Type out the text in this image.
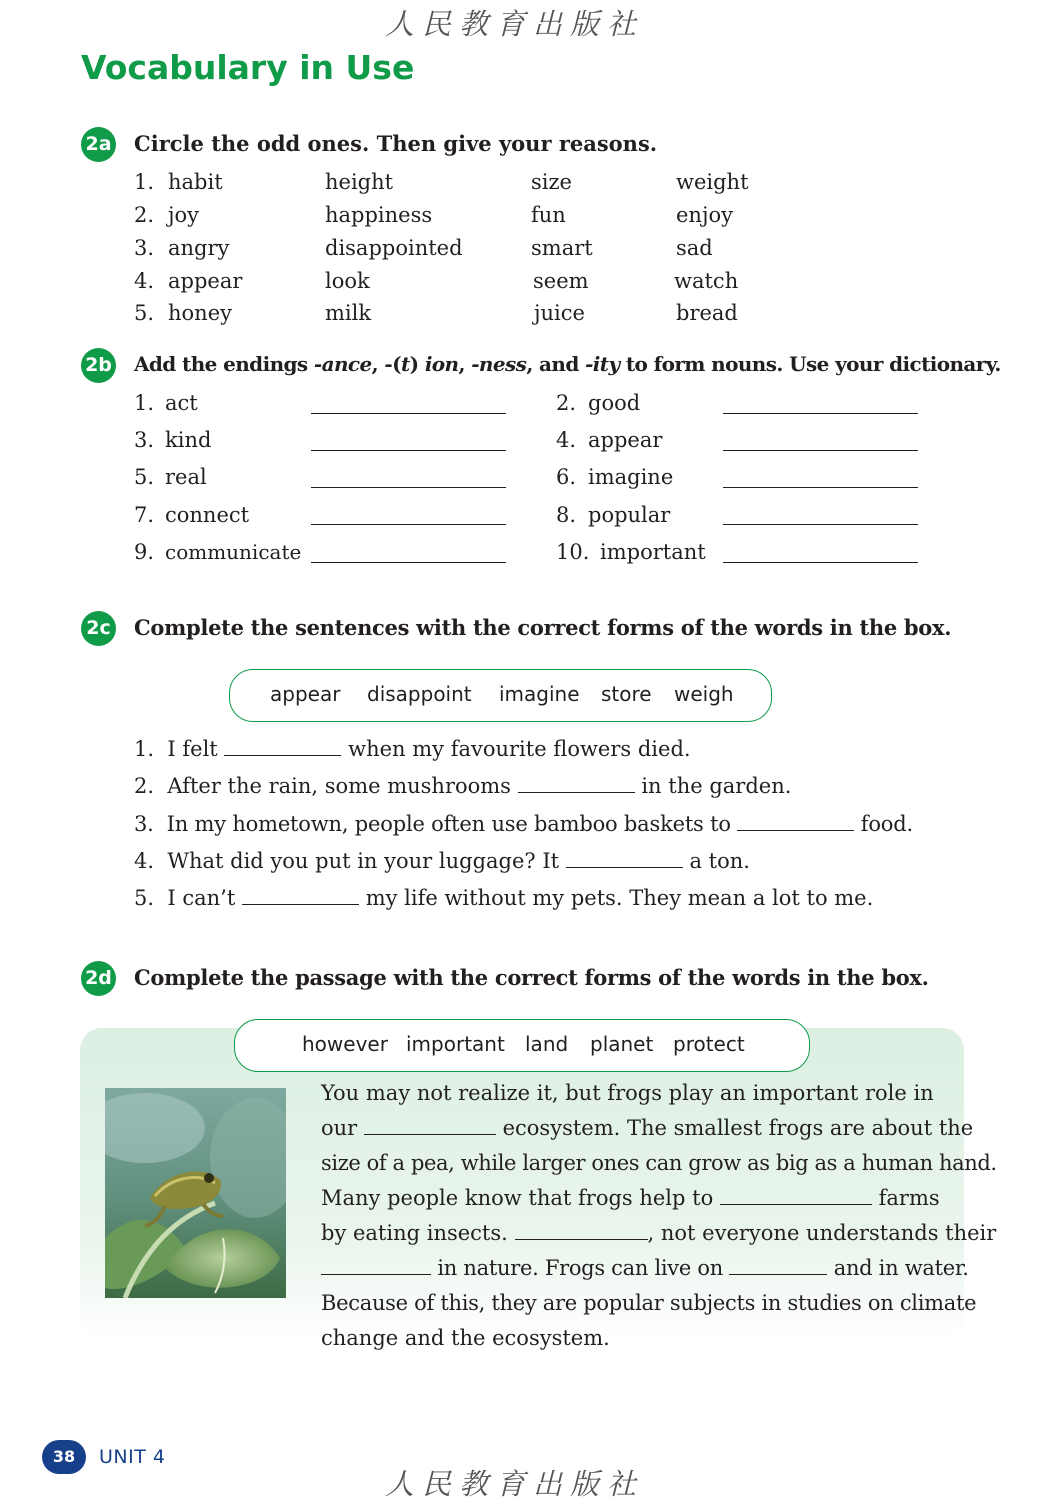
人民教育出版社
Vocabulary in Use
2a Circle the odd ones. Then give your reasons.
1. habit	height	size	weight
2. joy	happiness	fun	enjoy
3. angry	disappointed	smart	sad
4. appear	look	seem	watch
5. honey	milk	juice	bread
2b Add the endings -ance, -(t) ion, -ness, and -ity to form nouns. Use your dictionary.
1. act	2. good
3. kind	4. appear
5. real	6. imagine
7. connect	8. popular
9. communicate	10. important
2c Complete the sentences with the correct forms of the words in the box.
appear disappoint imagine store weigh
1. I felt	when my favourite flowers died.
2. After the rain, some mushrooms	in the garden.
3. In my hometown, people often use bamboo baskets to	food.
4. What did you put in your luggage? It	a ton.
5. I can’t	my life without my pets. They mean a lot to me.
2d Complete the passage with the correct forms of the words in the box.
however important land planet protect
You may not realize it, but frogs play an important role in
our	ecosystem. The smallest frogs are about the
size of a pea, while larger ones can grow as big as a human hand.
Many people know that frogs help to	farms
by eating insects.	, not everyone understands their
in nature. Frogs can live on	and in water.
Because of this, they are popular subjects in studies on climate
change and the ecosystem.
38	UNIT 4
人民教育出版社
